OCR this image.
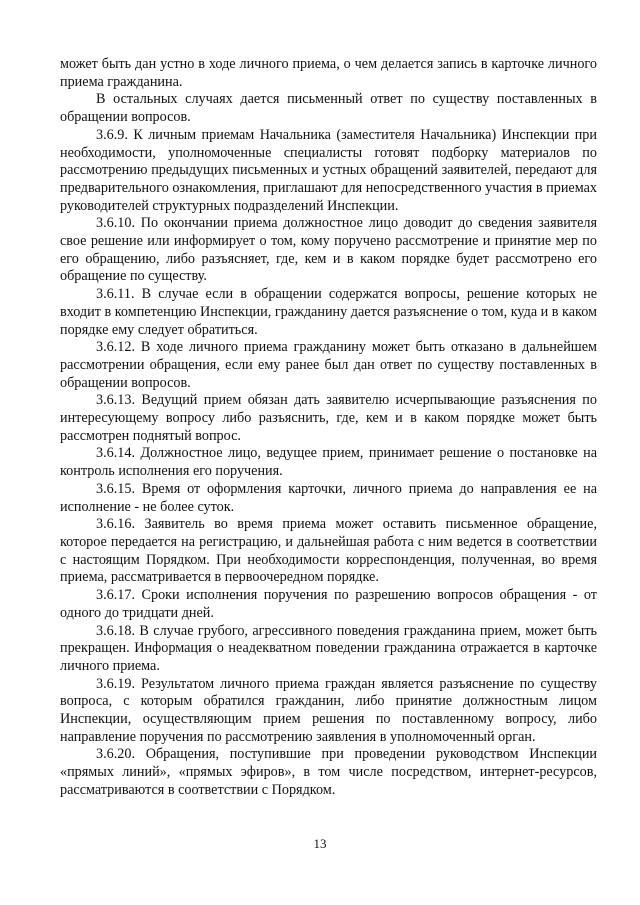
может быть дан устно в ходе личного приема, о чем делается запись в карточке личного приема гражданина.

В остальных случаях дается письменный ответ по существу поставленных в обращении вопросов.

3.6.9. К личным приемам Начальника (заместителя Начальника) Инспекции при необходимости, уполномоченные специалисты готовят подборку материалов по рассмотрению предыдущих письменных и устных обращений заявителей, передают для предварительного ознакомления, приглашают для непосредственного участия в приемах руководителей структурных подразделений Инспекции.

3.6.10. По окончании приема должностное лицо доводит до сведения заявителя свое решение или информирует о том, кому поручено рассмотрение и принятие мер по его обращению, либо разъясняет, где, кем и в каком порядке будет рассмотрено его обращение по существу.

3.6.11. В случае если в обращении содержатся вопросы, решение которых не входит в компетенцию Инспекции, гражданину дается разъяснение о том, куда и в каком порядке ему следует обратиться.

3.6.12. В ходе личного приема гражданину может быть отказано в дальнейшем рассмотрении обращения, если ему ранее был дан ответ по существу поставленных в обращении вопросов.

3.6.13. Ведущий прием обязан дать заявителю исчерпывающие разъяснения по интересующему вопросу либо разъяснить, где, кем и в каком порядке может быть рассмотрен поднятый вопрос.

3.6.14. Должностное лицо, ведущее прием, принимает решение о постановке на контроль исполнения его поручения.

3.6.15. Время от оформления карточки, личного приема до направления ее на исполнение - не более суток.

3.6.16. Заявитель во время приема может оставить письменное обращение, которое передается на регистрацию, и дальнейшая работа с ним ведется в соответствии с настоящим Порядком. При необходимости корреспонденция, полученная, во время приема, рассматривается в первоочередном порядке.

3.6.17. Сроки исполнения поручения по разрешению вопросов обращения - от одного до тридцати дней.

3.6.18. В случае грубого, агрессивного поведения гражданина прием, может быть прекращен. Информация о неадекватном поведении гражданина отражается в карточке личного приема.

3.6.19. Результатом личного приема граждан является разъяснение по существу вопроса, с которым обратился гражданин, либо принятие должностным лицом Инспекции, осуществляющим прием решения по поставленному вопросу, либо направление поручения по рассмотрению заявления в уполномоченный орган.

3.6.20. Обращения, поступившие при проведении руководством Инспекции «прямых линий», «прямых эфиров», в том числе посредством, интернет-ресурсов, рассматриваются в соответствии с Порядком.

13
